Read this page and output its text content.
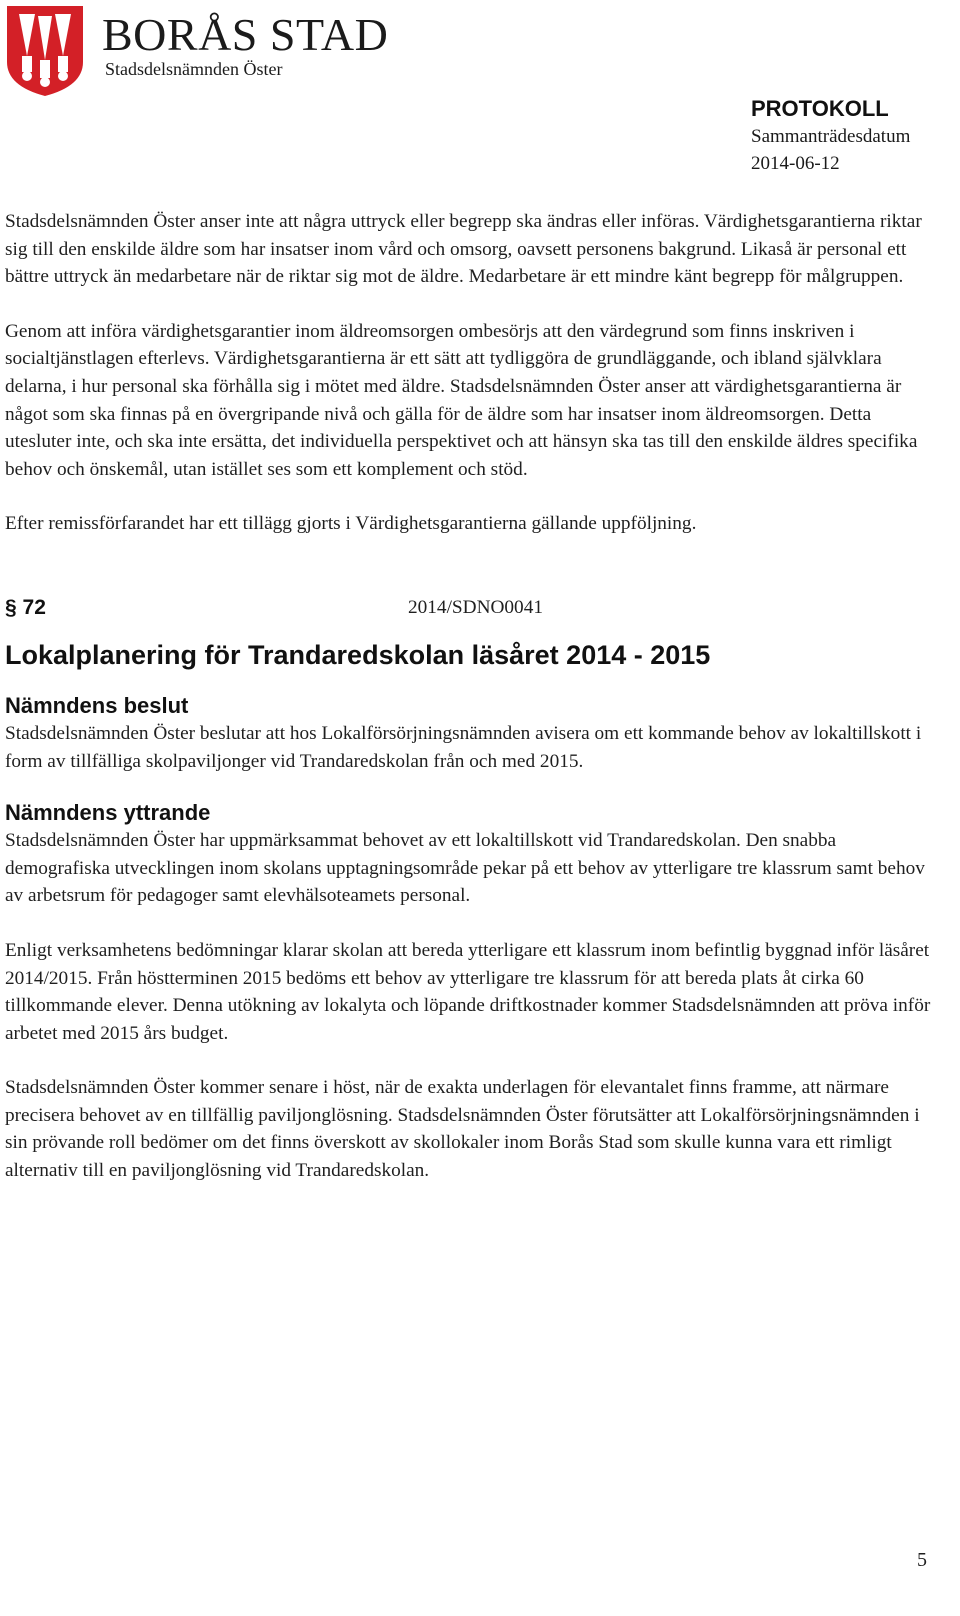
BORÅS STAD
Stadsdelsnämnden Öster
PROTOKOLL
Sammanträdesdatum
2014-06-12

Stadsdelsnämnden Öster anser inte att några uttryck eller begrepp ska ändras eller införas. Värdighetsgarantierna riktar sig till den enskilde äldre som har insatser inom vård och omsorg, oavsett personens bakgrund. Likaså är personal ett bättre uttryck än medarbetare när de riktar sig mot de äldre. Medarbetare är ett mindre känt begrepp för målgruppen.

Genom att införa värdighetsgarantier inom äldreomsorgen ombesörjs att den värdegrund som finns inskriven i socialtjänstlagen efterlevs. Värdighetsgarantierna är ett sätt att tydliggöra de grundläggande, och ibland självklara delarna, i hur personal ska förhålla sig i mötet med äldre. Stadsdelsnämnden Öster anser att värdighetsgarantierna är något som ska finnas på en övergripande nivå och gälla för de äldre som har insatser inom äldreomsorgen. Detta utesluter inte, och ska inte ersätta, det individuella perspektivet och att hänsyn ska tas till den enskilde äldres specifika behov och önskemål, utan istället ses som ett komplement och stöd.

Efter remissförfarandet har ett tillägg gjorts i Värdighetsgarantierna gällande uppföljning.

§ 72	2014/SDNO0041
Lokalplanering för Trandaredskolan läsåret 2014 - 2015
Nämndens beslut

Stadsdelsnämnden Öster beslutar att hos Lokalförsörjningsnämnden avisera om ett kommande behov av lokaltillskott i form av tillfälliga skolpaviljonger vid Trandaredskolan från och med 2015.

Nämndens yttrande

Stadsdelsnämnden Öster har uppmärksammat behovet av ett lokaltillskott vid Trandaredskolan. Den snabba demografiska utvecklingen inom skolans upptagningsområde pekar på ett behov av ytterligare tre klassrum samt behov av arbetsrum för pedagoger samt elevhälsoteamets personal.

Enligt verksamhetens bedömningar klarar skolan att bereda ytterligare ett klassrum inom befintlig byggnad inför läsåret 2014/2015. Från höstterminen 2015 bedöms ett behov av ytterligare tre klassrum för att bereda plats åt cirka 60 tillkommande elever. Denna utökning av lokalyta och löpande driftkostnader kommer Stadsdelsnämnden att pröva inför arbetet med 2015 års budget.

Stadsdelsnämnden Öster kommer senare i höst, när de exakta underlagen för elevantalet finns framme, att närmare precisera behovet av en tillfällig paviljonglösning. Stadsdelsnämnden Öster förutsätter att Lokalförsörjningsnämnden i sin prövande roll bedömer om det finns överskott av skollokaler inom Borås Stad som skulle kunna vara ett rimligt alternativ till en paviljonglösning vid Trandaredskolan.

5
